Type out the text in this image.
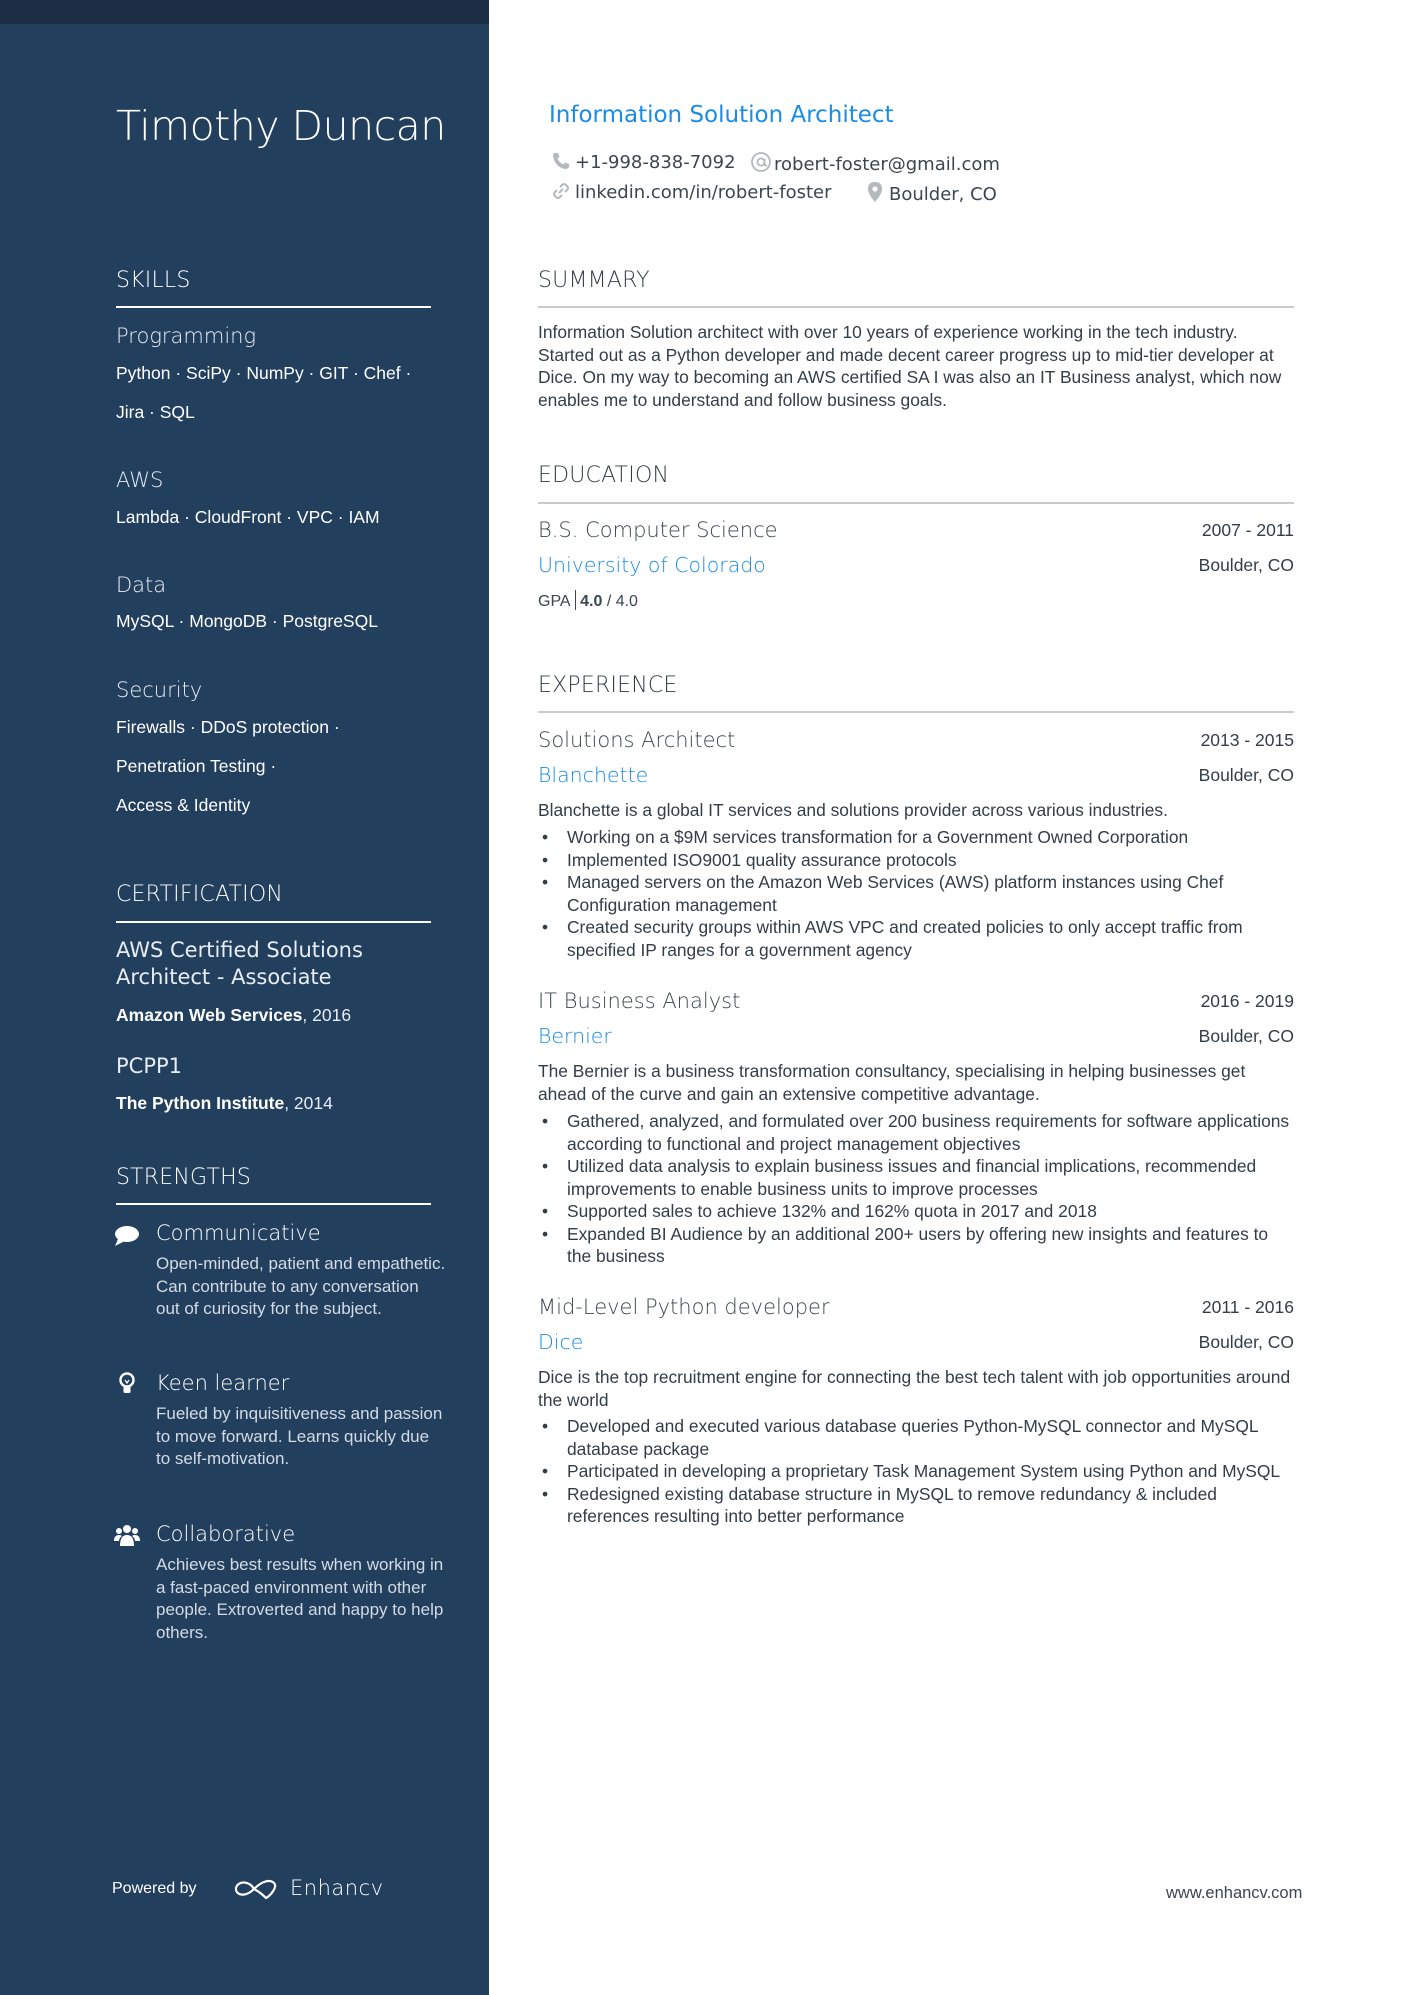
Timothy Duncan
SKILLS
Programming
Python · SciPy · NumPy · GIT · Chef ·
Jira · SQL
AWS
Lambda · CloudFront · VPC · IAM
Data
MySQL · MongoDB · PostgreSQL
Security
Firewalls · DDoS protection ·
Penetration Testing ·
Access & Identity
CERTIFICATION
AWS Certified Solutions Architect - Associate
Amazon Web Services, 2016
PCPP1
The Python Institute, 2014
STRENGTHS
Communicative
Open-minded, patient and empathetic. Can contribute to any conversation out of curiosity for the subject.
Keen learner
Fueled by inquisitiveness and passion to move forward. Learns quickly due to self-motivation.
Collaborative
Achieves best results when working in a fast-paced environment with other people. Extroverted and happy to help others.
Powered by	Enhancv
Information Solution Architect
+1-998-838-7092	robert-foster@gmail.com
linkedin.com/in/robert-foster	Boulder, CO
SUMMARY
Information Solution architect with over 10 years of experience working in the tech industry. Started out as a Python developer and made decent career progress up to mid-tier developer at Dice. On my way to becoming an AWS certified SA I was also an IT Business analyst, which now enables me to understand and follow business goals.
EDUCATION
B.S. Computer Science	2007 - 2011
University of Colorado	Boulder, CO
GPA 4.0 / 4.0
EXPERIENCE
Solutions Architect	2013 - 2015
Blanchette	Boulder, CO
Blanchette is a global IT services and solutions provider across various industries.
• Working on a $9M services transformation for a Government Owned Corporation
• Implemented ISO9001 quality assurance protocols
• Managed servers on the Amazon Web Services (AWS) platform instances using Chef Configuration management
• Created security groups within AWS VPC and created policies to only accept traffic from specified IP ranges for a government agency
IT Business Analyst	2016 - 2019
Bernier	Boulder, CO
The Bernier is a business transformation consultancy, specialising in helping businesses get ahead of the curve and gain an extensive competitive advantage.
• Gathered, analyzed, and formulated over 200 business requirements for software applications according to functional and project management objectives
• Utilized data analysis to explain business issues and financial implications, recommended improvements to enable business units to improve processes
• Supported sales to achieve 132% and 162% quota in 2017 and 2018
• Expanded BI Audience by an additional 200+ users by offering new insights and features to the business
Mid-Level Python developer	2011 - 2016
Dice	Boulder, CO
Dice is the top recruitment engine for connecting the best tech talent with job opportunities around the world
• Developed and executed various database queries Python-MySQL connector and MySQL database package
• Participated in developing a proprietary Task Management System using Python and MySQL
• Redesigned existing database structure in MySQL to remove redundancy & included references resulting into better performance
www.enhancv.com
